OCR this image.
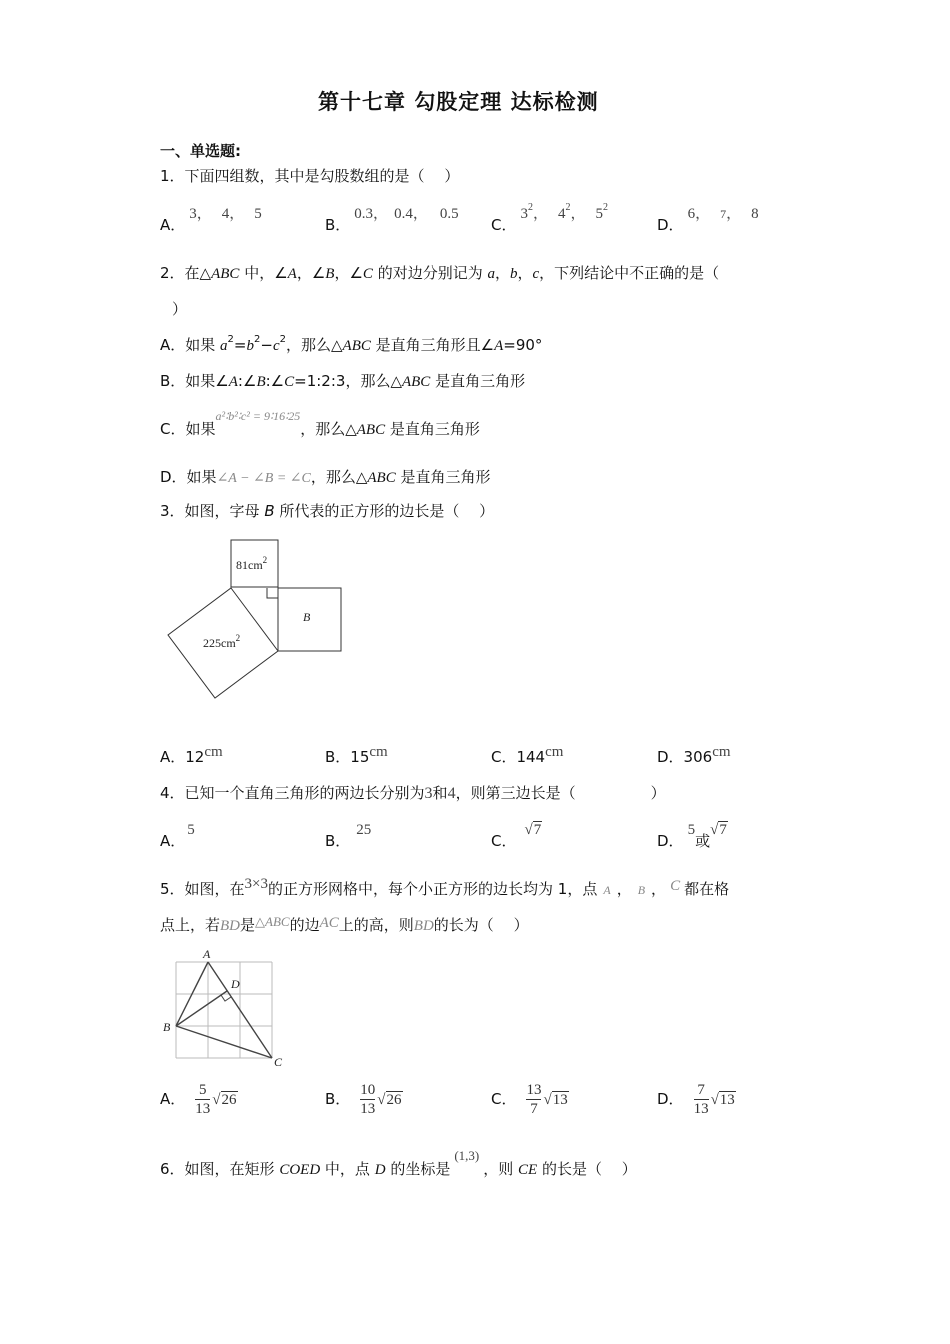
第十七章 勾股定理 达标检测
一、单选题:
1．下面四组数，其中是勾股数组的是（　 ）
A．3， 4， 5
B．0.3， 0.4， 0.5
C．$3^2$， $4^2$， $5^2$
D．6， 7， 8
2．在△ABC 中，∠A，∠B，∠C 的对边分别记为 a，b，c，下列结论中不正确的是（
）
A．如果 $a^2=b^2-c^2$，那么△ABC 是直角三角形且∠A=90°
B．如果∠A:∠B:∠C=1:2:3，那么△ABC 是直角三角形
C．如果$^{a^2∶b^2∶c^2 = 9∶16∶25}$，那么△ABC 是直角三角形
D．如果∠A − ∠B = ∠C，那么△ABC 是直角三角形
3．如图，字母 B 所代表的正方形的边长是（　 ）
$81cm^2$
B
$225cm^2$
A．12cm	B．15cm	C．144cm	D．306cm
4．已知一个直角三角形的两边长分别为3和4，则第三边长是（　　　　　）
A．5
B．25
C．√7
D．5或√7
5．如图，在3×3的正方形网格中，每个小正方形的边长均为 1，点 A ， B ， C 都在格
点上，若BD是△ABC的边AC上的高，则BD的长为（　 ）
A
D
B
C
A． $\frac{5}{13} √26$	B． $\frac{10}{13} √26$	C． $\frac{13}{7} √13$	D． $\frac{7}{13} √13$
6．如图，在矩形 COED 中，点 D 的坐标是(1,3)，则 CE 的长是（　 ）
